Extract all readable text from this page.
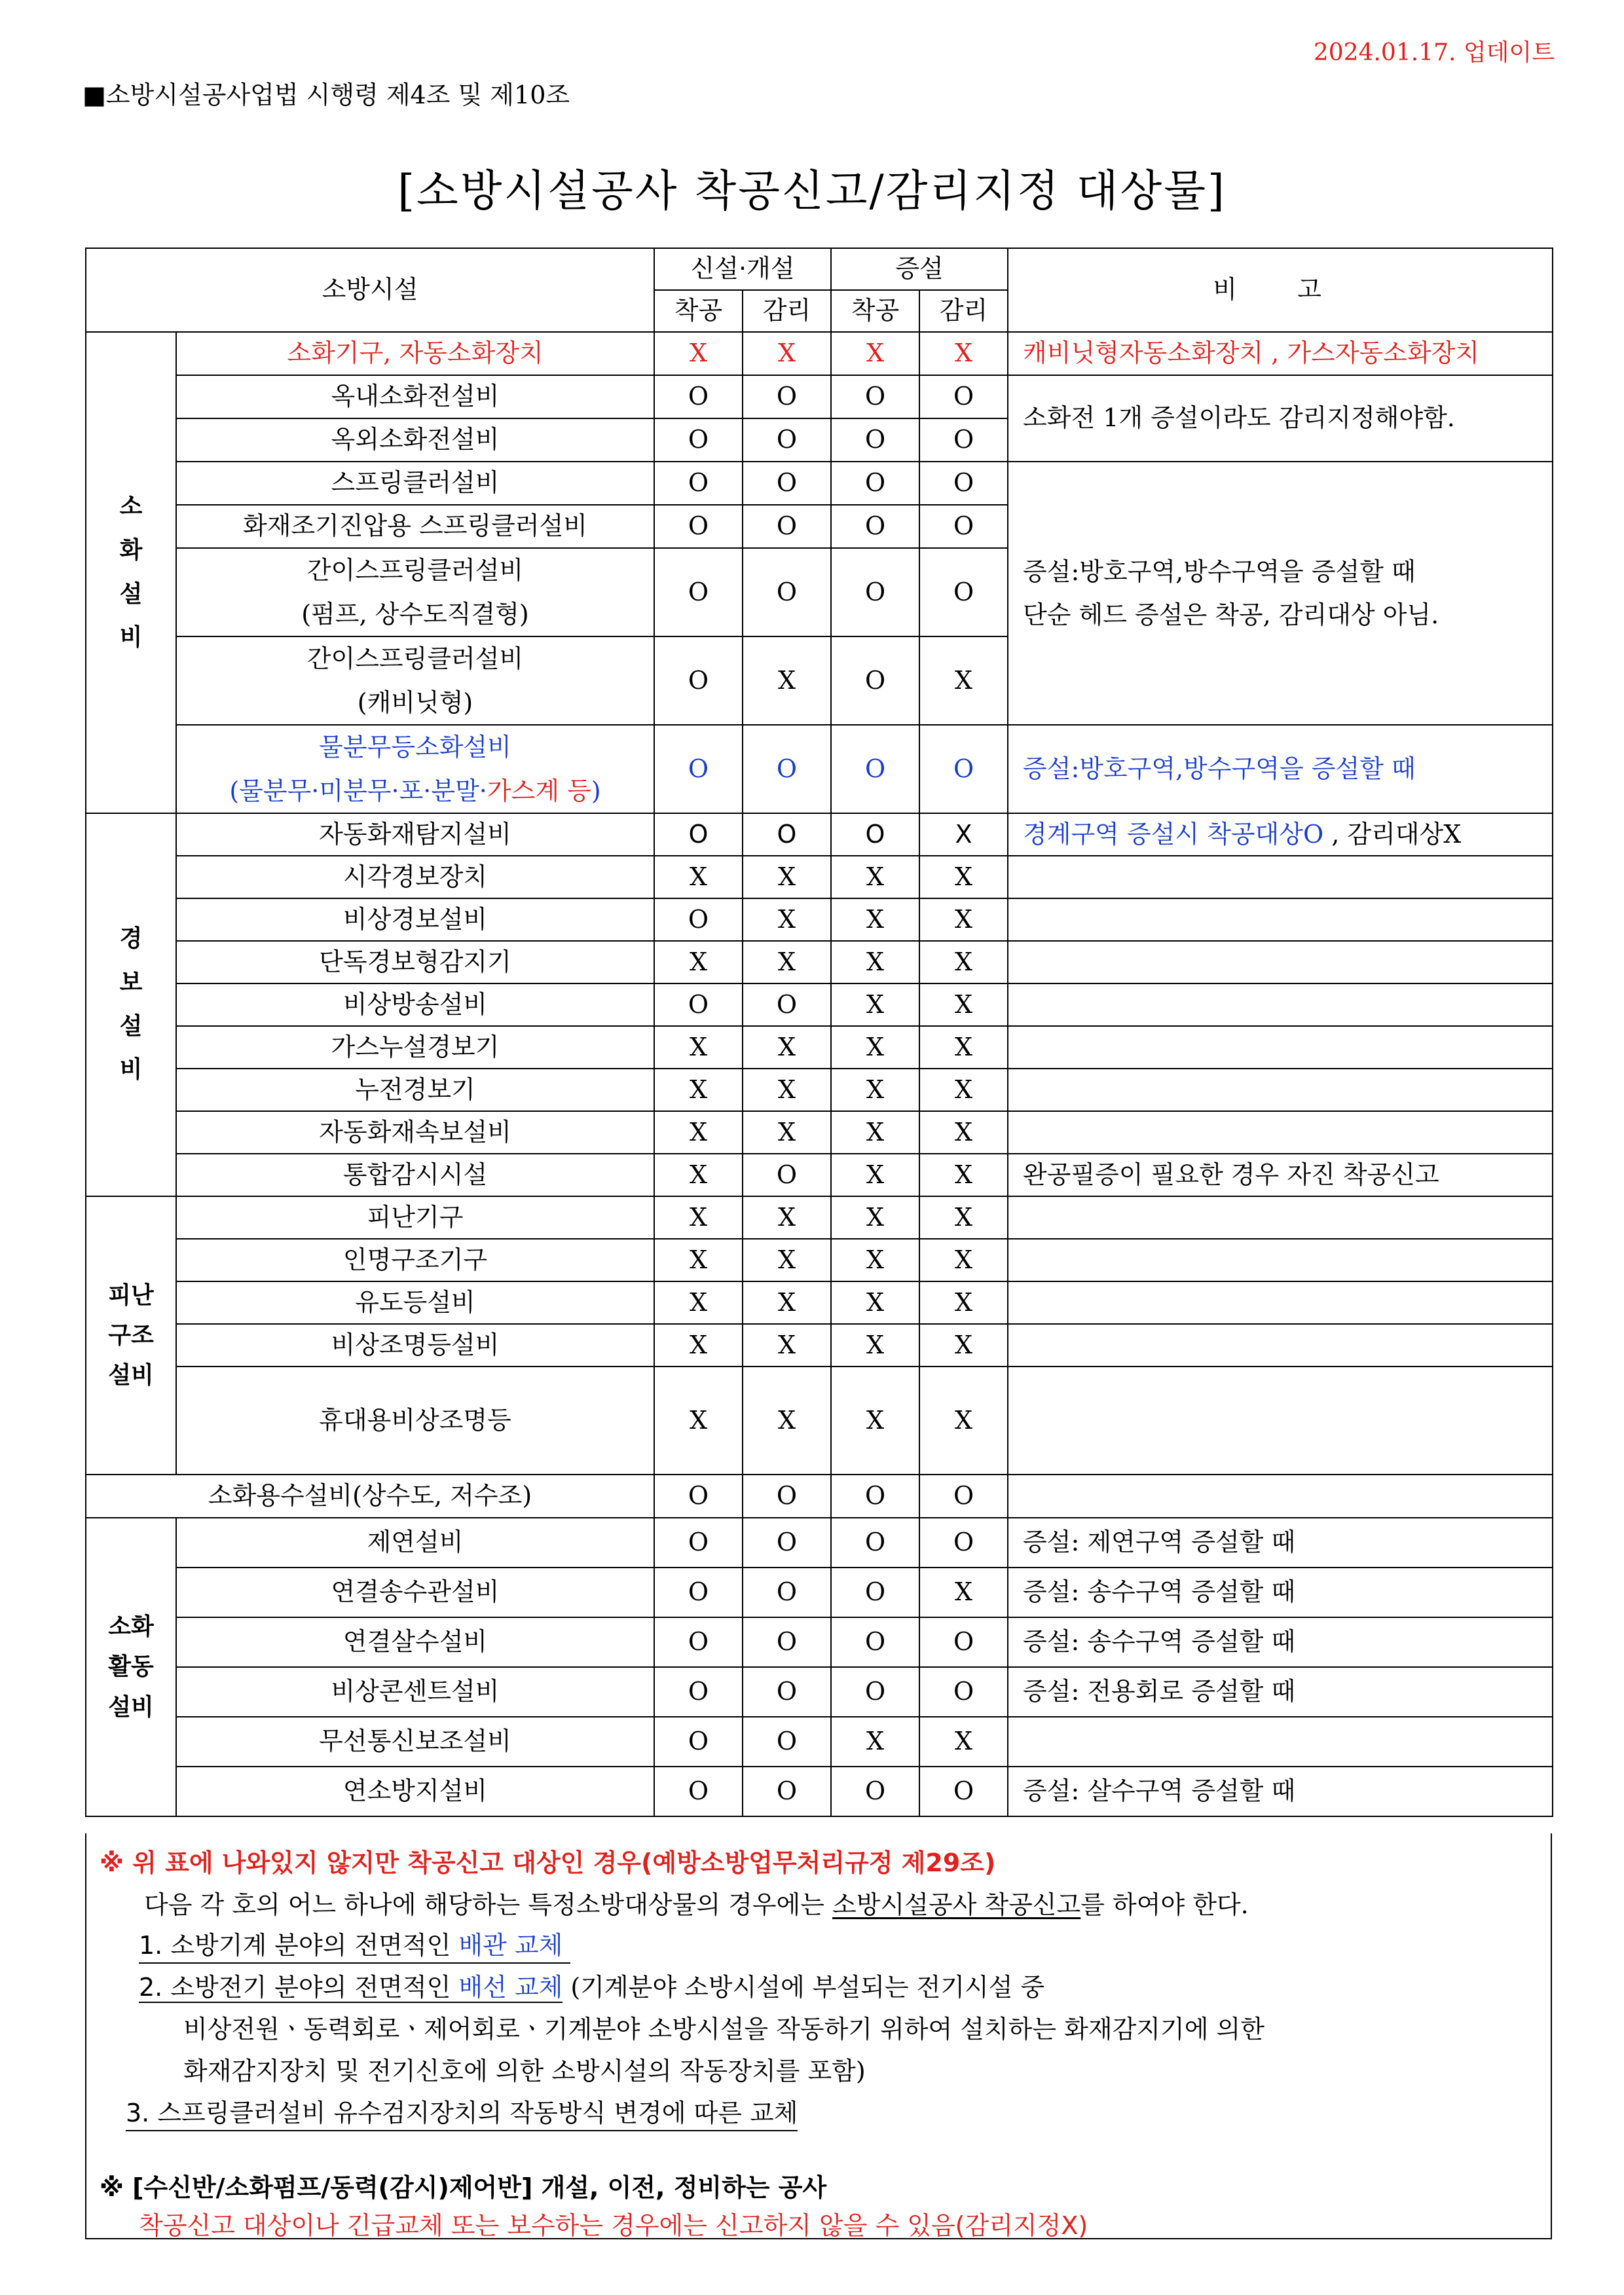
2024.01.17. 업데이트
■소방시설공사업법 시행령 제4조 및 제10조
[소방시설공사 착공신고/감리지정 대상물]
소방시설		신설·개설		증설		비 고
		착공	감리	착공	감리	

소 화 설 비	소화기구, 자동소화장치	X	X	X	X	캐비닛형자동소화장치 , 가스자동소화장치
	옥내소화전설비	O	O	O	O	소화전 1개 증설이라도 감리지정해야함.
	옥외소화전설비	O	O	O	O	
	스프링클러설비	O	O	O	O	증설:방호구역,방수구역을 증설할 때
단순 헤드 증설은 착공, 감리대상 아님.

	화재조기진압용 스프링클러설비	O	O	O	O	

	간이스프링클러설비
(펌프, 상수도직결형)	O	O	O	O	

	간이스프링클러설비
(캐비닛형)	O	X	O	X	

	물분무등소화설비
(물분무·미분무·포·분말·가스계 등)	O	O	O	O	증설:방호구역,방수구역을 증설할 때

경 보 설 비	자동화재탐지설비	O	O	O	X	경계구역 증설시 착공대상O , 감리대상X
	시각경보장치	X	X	X	X	
	비상경보설비	O	X	X	X	
	단독경보형감지기	X	X	X	X	
	비상방송설비	O	O	X	X	
	가스누설경보기	X	X	X	X	
	누전경보기	X	X	X	X	
	자동화재속보설비	X	X	X	X	
	통합감시시설	X	O	X	X	완공필증이 필요한 경우 자진 착공신고

피난
구조
설비	피난기구	X	X	X	X	
	인명구조기구	X	X	X	X	
	유도등설비	X	X	X	X	
	비상조명등설비	X	X	X	X	
	휴대용비상조명등	X	X	X	X	
소화용수설비(상수도, 저수조)		O	O	O	O	

소화
활동
설비	제연설비	O	O	O	O	증설: 제연구역 증설할 때
	연결송수관설비	O	O	O	X	증설: 송수구역 증설할 때
	연결살수설비	O	O	O	O	증설: 송수구역 증설할 때
	비상콘센트설비	O	O	O	O	증설: 전용회로 증설할 때
	무선통신보조설비	O	O	X	X	
	연소방지설비	O	O	O	O	증설: 살수구역 증설할 때
※ 위 표에 나와있지 않지만 착공신고 대상인 경우(예방소방업무처리규정 제29조)
다음 각 호의 어느 하나에 해당하는 특정소방대상물의 경우에는 소방시설공사 착공신고를 하여야 한다.
1. 소방기계 분야의 전면적인 배관 교체
2. 소방전기 분야의 전면적인 배선 교체 (기계분야 소방시설에 부설되는 전기시설 중
비상전원ㆍ동력회로ㆍ제어회로ㆍ기계분야 소방시설을 작동하기 위하여 설치하는 화재감지기에 의한
화재감지장치 및 전기신호에 의한 소방시설의 작동장치를 포함)
3. 스프링클러설비 유수검지장치의 작동방식 변경에 따른 교체
※ [수신반/소화펌프/동력(감시)제어반] 개설, 이전, 정비하는 공사
착공신고 대상이나 긴급교체 또는 보수하는 경우에는 신고하지 않을 수 있음(감리지정X)
